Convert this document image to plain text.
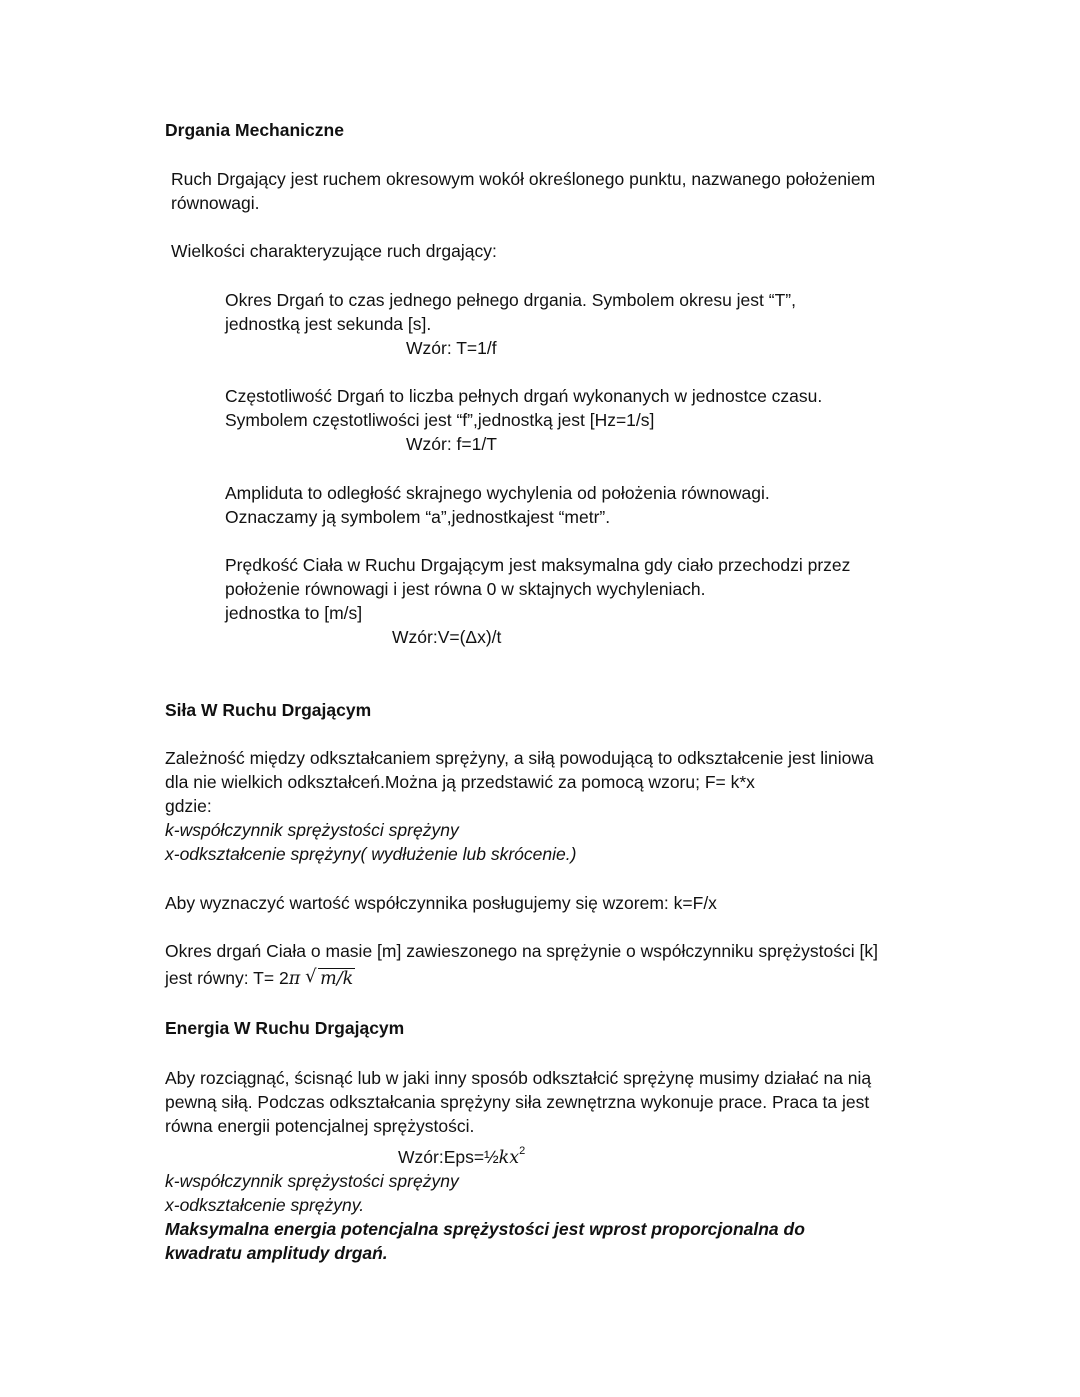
Drgania Mechaniczne
Ruch Drgający jest ruchem okresowym wokół określonego punktu, nazwanego położeniem
równowagi.
Wielkości charakteryzujące ruch drgający:
Okres Drgań to czas jednego pełnego drgania. Symbolem okresu jest “T”,
jednostką jest sekunda [s].
Wzór: T=1/f
Częstotliwość Drgań to liczba pełnych drgań wykonanych w jednostce czasu.
Symbolem częstotliwości jest “f”,jednostką jest [Hz=1/s]
Wzór: f=1/T
Ampliduta to odległość skrajnego wychylenia od położenia równowagi.
Oznaczamy ją symbolem “a”,jednostkajest “metr”.
Prędkość Ciała w Ruchu Drgającym jest maksymalna gdy ciało przechodzi przez
położenie równowagi i jest równa 0 w sktajnych wychyleniach.
jednostka to [m/s]
Wzór:V=(Δx)/t
Siła W Ruchu Drgającym
Zależność między odkształcaniem sprężyny, a siłą powodującą to odkształcenie jest liniowa
dla nie wielkich odkształceń.Można ją przedstawić za pomocą wzoru; F= k*x
gdzie:
k-współczynnik sprężystości sprężyny
x-odkształcenie sprężyny( wydłużenie lub skrócenie.)
Aby wyznaczyć wartość współczynnika posługujemy się wzorem: k=F/x
Okres drgań Ciała o masie [m] zawieszonego na sprężynie o współczynniku sprężystości [k]
jest równy: T= 2π √ m/k
Energia W Ruchu Drgającym
Aby rozciągnąć, ścisnąć lub w jaki inny sposób odkształcić sprężynę musimy działać na nią
pewną siłą. Podczas odkształcania sprężyny siła zewnętrzna wykonuje prace. Praca ta jest
równa energii potencjalnej sprężystości.
$Wzór:Eps=\frac{1}{2}kx^2$
k-współczynnik sprężystości sprężyny
x-odkształcenie sprężyny.
Maksymalna energia potencjalna sprężystości jest wprost proporcjonalna do
kwadratu amplitudy drgań.
